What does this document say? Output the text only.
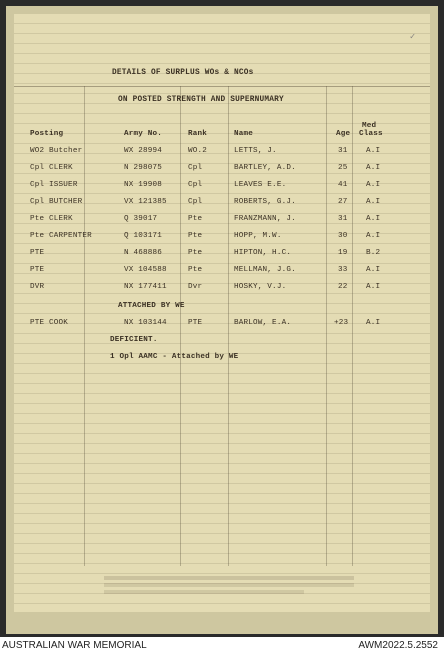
✓
DETAILS OF SURPLUS WOs & NCOs
ON POSTED STRENGTH AND SUPERNUMARY
Posting	Army No.	Rank	Name	Age
Med
Class
WO2 Butcher	WX 28994	WO.2	LETTS, J.	31 A.I
Cpl CLERK	N 298075	Cpl	BARTLEY, A.D.	25 A.I
Cpl ISSUER	NX 19908	Cpl	LEAVES E.E.	41 A.I
Cpl BUTCHER	VX 121385	Cpl	ROBERTS, G.J.	27 A.I
Pte CLERK	Q 39017	Pte	FRANZMANN, J.	31 A.I
Pte CARPENTER	Q 103171	Pte	HOPP, M.W.	30 A.I
PTE	N 468886	Pte	HIPTON, H.C.	19 B.2
PTE	VX 104588	Pte	MELLMAN, J.G.	33 A.I
DVR	NX 177411	Dvr	HOSKY, V.J.	22 A.I
ATTACHED BY WE
PTE COOK	NX 103144	PTE	BARLOW, E.A.	+23 A.I
DEFICIENT.
1 Opl AAMC - Attached by WE
AUSTRALIAN WAR MEMORIAL	AWM2022.5.2552
